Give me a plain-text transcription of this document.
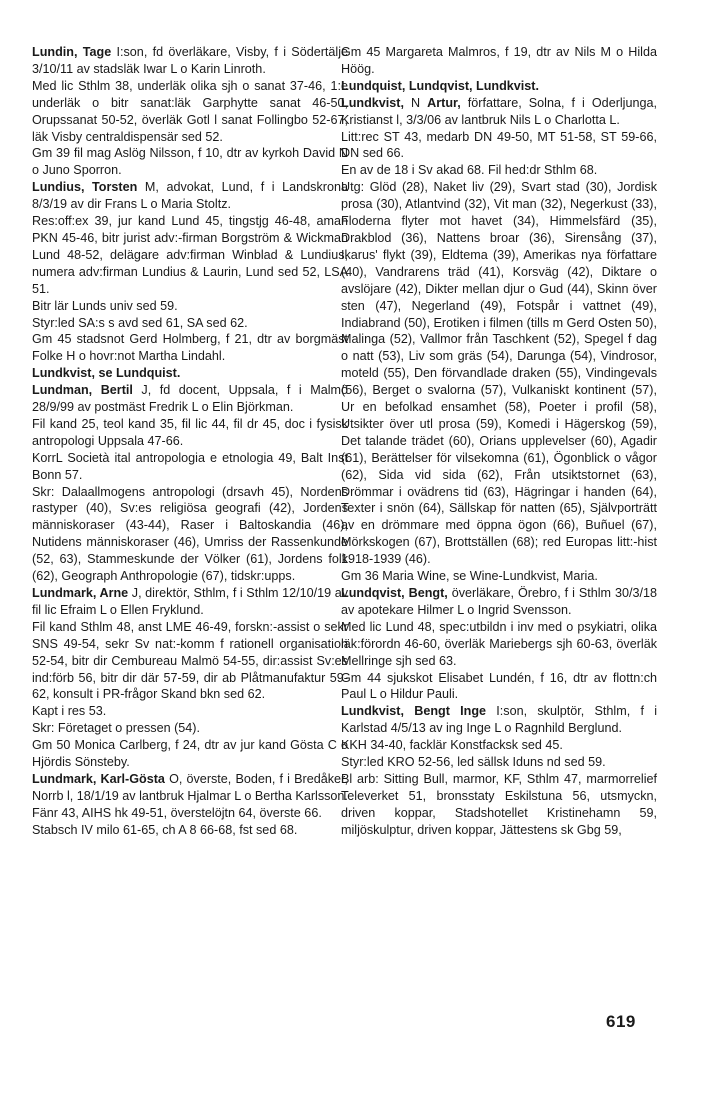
Lundin, Tage I:son, fd överläkare, Visby, f i Södertälje 3/10/11 av stadsläk Iwar L o Karin Linroth.

Med lic Sthlm 38, underläk olika sjh o sanat 37-46, 1:e underläk o bitr sanat:läk Garphytte sanat 46-50, Orupssanat 50-52, överläk Gotl l sanat Follingbo 52-67, läk Visby centraldispensär sed 52.

Gm 39 fil mag Aslög Nilsson, f 10, dtr av kyrkoh David N o Juno Sporron.

Lundius, Torsten M, advokat, Lund, f i Landskrona 8/3/19 av dir Frans L o Maria Stoltz.

Res:off:ex 39, jur kand Lund 45, tingstjg 46-48, aman PKN 45-46, bitr jurist adv:-firman Borgström & Wickman Lund 48-52, delägare adv:firman Winblad & Lundius, numera adv:firman Lundius & Laurin, Lund sed 52, LSA 51.

Bitr lär Lunds univ sed 59.

Styr:led SA:s s avd sed 61, SA sed 62.

Gm 45 stadsnot Gerd Holmberg, f 21, dtr av borgmäst Folke H o hovr:not Martha Lindahl.

Lundkvist, se Lundquist.

Lundman, Bertil J, fd docent, Uppsala, f i Malmö 28/9/99 av postmäst Fredrik L o Elin Björkman.

Fil kand 25, teol kand 35, fil lic 44, fil dr 45, doc i fysisk antropologi Uppsala 47-66.

KorrL Società ital antropologia e etnologia 49, Balt Inst Bonn 57.

Skr: Dalaallmogens antropologi (drsavh 45), Nordens rastyper (40), Sv:es religiösa geografi (42), Jordens människoraser (43-44), Raser i Baltoskandia (46), Nutidens människoraser (46), Umriss der Rassenkunde (52, 63), Stammeskunde der Völker (61), Jordens folk (62), Geograph Anthropologie (67), tidskr:upps.

Lundmark, Arne J, direktör, Sthlm, f i Sthlm 12/10/19 av fil lic Efraim L o Ellen Fryklund.

Fil kand Sthlm 48, anst LME 46-49, forskn:-assist o sekr SNS 49-54, sekr Sv nat:-komm f rationell organisation 52-54, bitr dir Cembureau Malmö 54-55, dir:assist Sv:es ind:förb 56, bitr dir där 57-59, dir ab Plåtmanufaktur 59-62, konsult i PR-frågor Skand bkn sed 62.

Kapt i res 53.

Skr: Företaget o pressen (54).

Gm 50 Monica Carlberg, f 24, dtr av jur kand Gösta C o Hjördis Sönsteby.

Lundmark, Karl-Gösta O, överste, Boden, f i Bredåker, Norrb l, 18/1/19 av lantbruk Hjalmar L o Bertha Karlsson.

Fänr 43, AIHS hk 49-51, överstelöjtn 64, överste 66.

Stabsch IV milo 61-65, ch A 8 66-68, fst sed 68.

Gm 45 Margareta Malmros, f 19, dtr av Nils M o Hilda Höög.

Lundquist, Lundqvist, Lundkvist.

Lundkvist, N Artur, författare, Solna, f i Oderljunga, Kristianst l, 3/3/06 av lantbruk Nils L o Charlotta L.

Litt:rec ST 43, medarb DN 49-50, MT 51-58, ST 59-66, DN sed 66.

En av de 18 i Sv akad 68. Fil hed:dr Sthlm 68.

Utg: Glöd (28), Naket liv (29), Svart stad (30), Jordisk prosa (30), Atlantvind (32), Vit man (32), Negerkust (33), Floderna flyter mot havet (34), Himmelsfärd (35), Drakblod (36), Nattens broar (36), Sirensång (37), Ikarus' flykt (39), Eldtema (39), Amerikas nya författare (40), Vandrarens träd (41), Korsväg (42), Diktare o avslöjare (42), Dikter mellan djur o Gud (44), Skinn över sten (47), Negerland (49), Fotspår i vattnet (49), Indiabrand (50), Erotiken i filmen (tills m Gerd Osten 50), Malinga (52), Vallmor från Taschkent (52), Spegel f dag o natt (53), Liv som gräs (54), Darunga (54), Vindrosor, moteld (55), Den förvandlade draken (55), Vindingevals (56), Berget o svalorna (57), Vulkaniskt kontinent (57), Ur en befolkad ensamhet (58), Poeter i profil (58), Utsikter över utl prosa (59), Komedi i Hägerskog (59), Det talande trädet (60), Orians upplevelser (60), Agadir (61), Berättelser för vilsekomna (61), Ögonblick o vågor (62), Sida vid sida (62), Från utsiktstornet (63), Drömmar i ovädrens tid (63), Hägringar i handen (64), Texter i snön (64), Sällskap för natten (65), Självporträtt av en drömmare med öppna ögon (66), Buñuel (67), Mörkskogen (67), Brottställen (68); red Europas litt:-hist 1918-1939 (46).

Gm 36 Maria Wine, se Wine-Lundkvist, Maria.

Lundqvist, Bengt, överläkare, Örebro, f i Sthlm 30/3/18 av apotekare Hilmer L o Ingrid Svensson.

Med lic Lund 48, spec:utbildn i inv med o psykiatri, olika läk:förordn 46-60, överläk Mariebergs sjh 60-63, överläk Mellringe sjh sed 63.

Gm 44 sjukskot Elisabet Lundén, f 16, dtr av flottn:ch Paul L o Hildur Pauli.

Lundkvist, Bengt Inge I:son, skulptör, Sthlm, f i Karlstad 4/5/13 av ing Inge L o Ragnhild Berglund.

KKH 34-40, facklär Konstfacksk sed 45.

Styr:led KRO 52-56, led sällsk Iduns nd sed 59.

Bl arb: Sitting Bull, marmor, KF, Sthlm 47, marmorrelief Televerket 51, bronsstaty Eskilstuna 56, utsmyckn, driven koppar, Stadshotellet Kristinehamn 59, miljöskulptur, driven koppar, Jättestens sk Gbg 59,

619
